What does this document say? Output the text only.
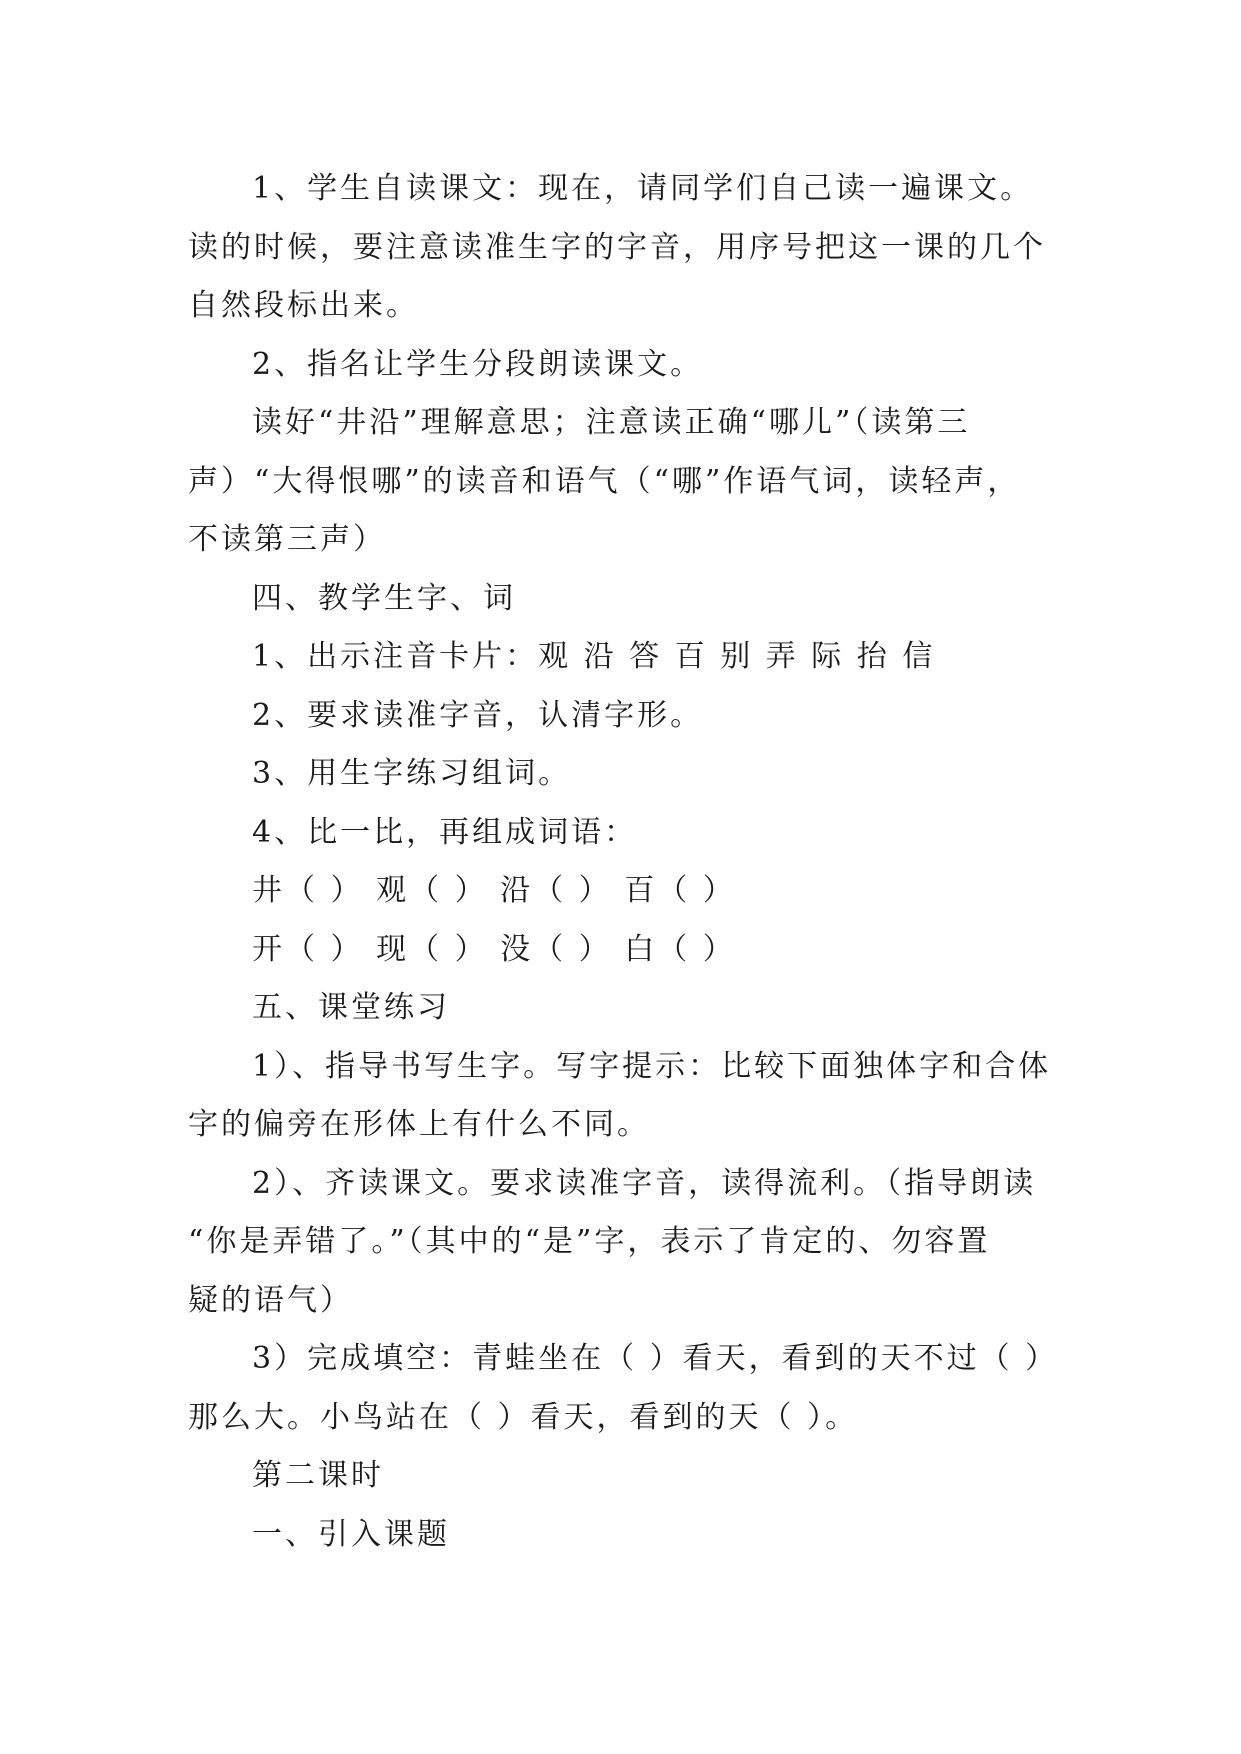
1、学生自读课文：现在，请同学们自己读一遍课文。

读的时候，要注意读准生字的字音，用序号把这一课的几个

自然段标出来。

2、指名让学生分段朗读课文。

读好“井沿”理解意思；注意读正确“哪儿”（读第三

声）“大得恨哪”的读音和语气（“哪”作语气词，读轻声，

不读第三声）

四、教学生字、词

1、出示注音卡片：观 沿 答 百 别 弄 际 抬 信

2、要求读准字音，认清字形。

3、用生字练习组词。

4、比一比，再组成词语：

井（ ） 观（ ） 沿（ ） 百（ ）

开（ ） 现（ ） 没（ ） 白（ ）

五、课堂练习

1）、指导书写生字。写字提示：比较下面独体字和合体

字的偏旁在形体上有什么不同。

2）、齐读课文。要求读准字音，读得流利。（指导朗读

“你是弄错了。”（其中的“是”字，表示了肯定的、勿容置

疑的语气）

3）完成填空：青蛙坐在（ ）看天，看到的天不过（ ）

那么大。小鸟站在（ ）看天，看到的天（ ）。

第二课时

一、引入课题
